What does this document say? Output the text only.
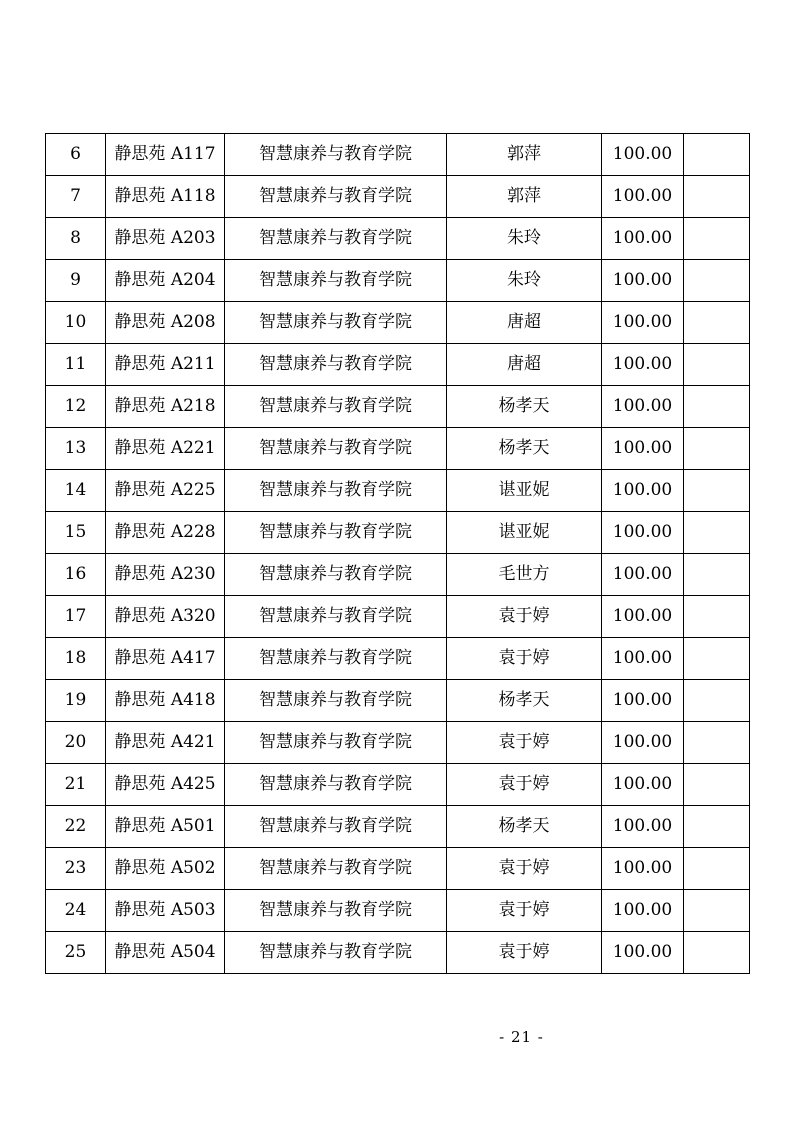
6	静思苑 A117	智慧康养与教育学院	郭萍	100.00	
7	静思苑 A118	智慧康养与教育学院	郭萍	100.00	
8	静思苑 A203	智慧康养与教育学院	朱玲	100.00	
9	静思苑 A204	智慧康养与教育学院	朱玲	100.00	
10	静思苑 A208	智慧康养与教育学院	唐超	100.00	
11	静思苑 A211	智慧康养与教育学院	唐超	100.00	
12	静思苑 A218	智慧康养与教育学院	杨孝天	100.00	
13	静思苑 A221	智慧康养与教育学院	杨孝天	100.00	
14	静思苑 A225	智慧康养与教育学院	谌亚妮	100.00	
15	静思苑 A228	智慧康养与教育学院	谌亚妮	100.00	
16	静思苑 A230	智慧康养与教育学院	毛世方	100.00	
17	静思苑 A320	智慧康养与教育学院	袁于婷	100.00	
18	静思苑 A417	智慧康养与教育学院	袁于婷	100.00	
19	静思苑 A418	智慧康养与教育学院	杨孝天	100.00	
20	静思苑 A421	智慧康养与教育学院	袁于婷	100.00	
21	静思苑 A425	智慧康养与教育学院	袁于婷	100.00	
22	静思苑 A501	智慧康养与教育学院	杨孝天	100.00	
23	静思苑 A502	智慧康养与教育学院	袁于婷	100.00	
24	静思苑 A503	智慧康养与教育学院	袁于婷	100.00	
25	静思苑 A504	智慧康养与教育学院	袁于婷	100.00	
- 21 -
